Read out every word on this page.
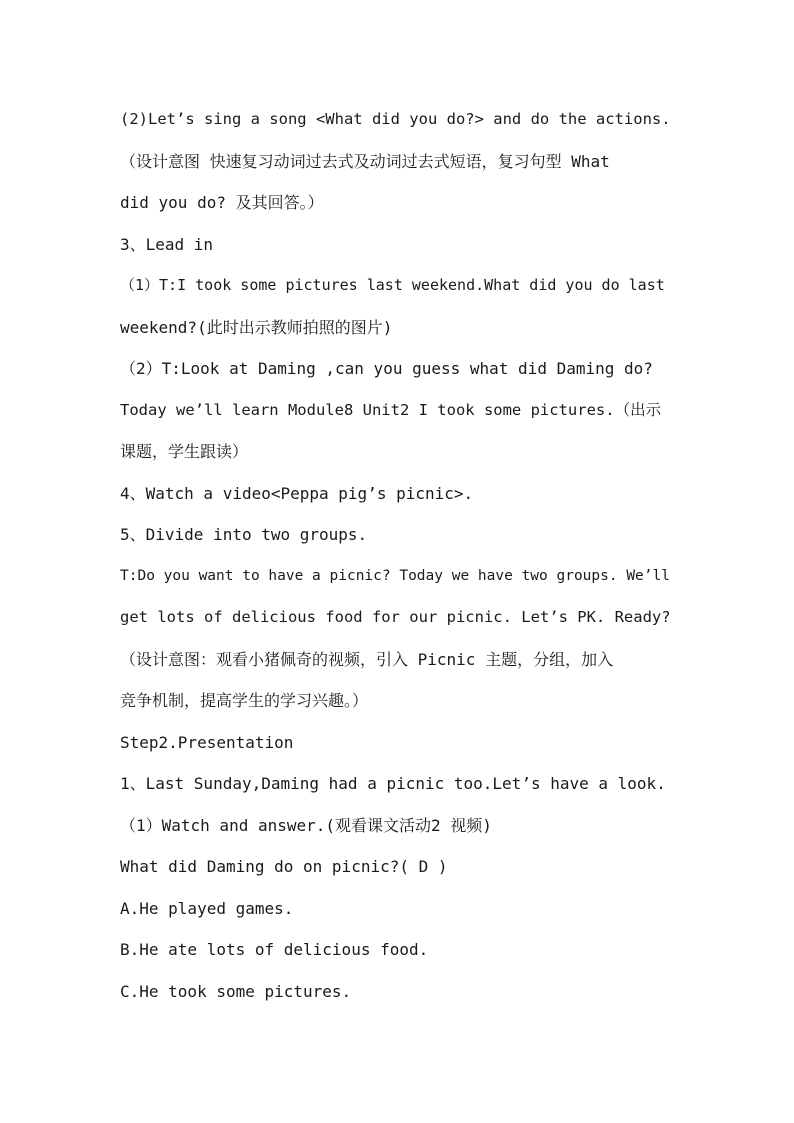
(2)Let’s sing a song <What did you do?> and do the actions.
（设计意图 快速复习动词过去式及动词过去式短语，复习句型 What
did you do? 及其回答。）
3、Lead in
（1）T:I took some pictures last weekend.What did you do last
weekend?(此时出示教师拍照的图片)
（2）T:Look at Daming ,can you guess what did Daming do?
Today we’ll learn Module8 Unit2 I took some pictures.（出示
课题，学生跟读）
4、Watch a video<Peppa pig’s picnic>.
5、Divide into two groups.
T:Do you want to have a picnic? Today we have two groups. We’ll
get lots of delicious food for our picnic. Let’s PK. Ready?
（设计意图：观看小猪佩奇的视频，引入 Picnic 主题，分组，加入
竞争机制，提高学生的学习兴趣。）
Step2.Presentation
1、Last Sunday,Daming had a picnic too.Let’s have a look.
（1）Watch and answer.(观看课文活动2 视频)
What did Daming do on picnic?( D )
A.He played games.
B.He ate lots of delicious food.
C.He took some pictures.
